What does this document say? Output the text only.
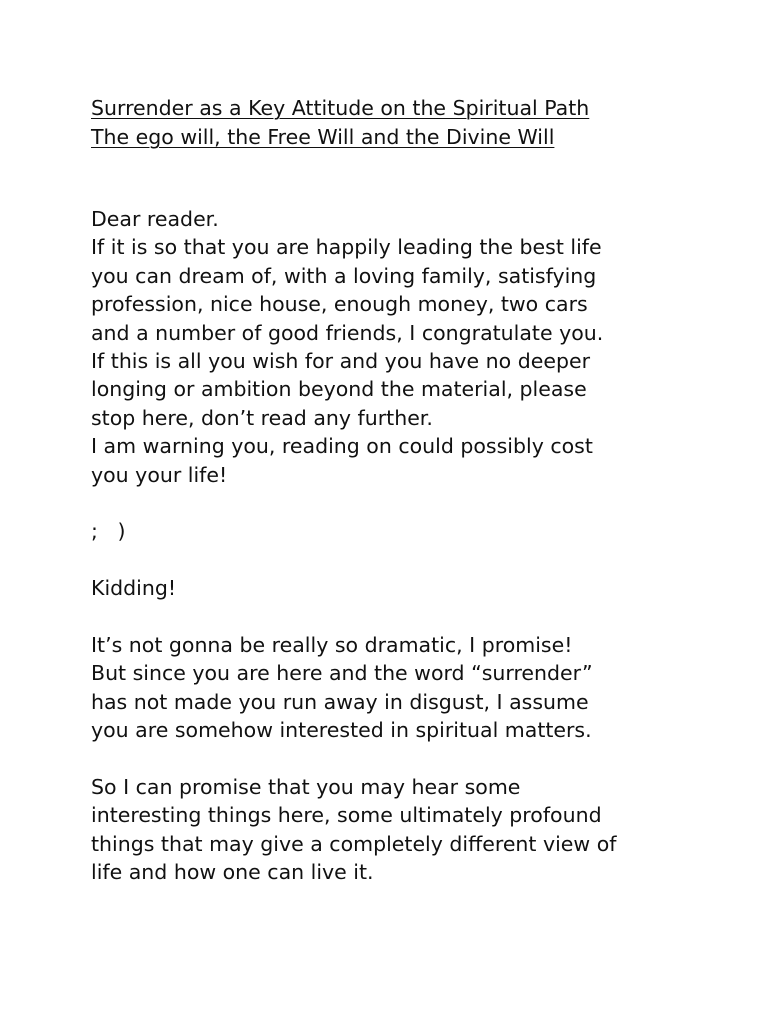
Surrender as a Key Attitude on the Spiritual Path
The ego will, the Free Will and the Divine Will
Dear reader.
If it is so that you are happily leading the best life
you can dream of, with a loving family, satisfying
profession, nice house, enough money, two cars
and a number of good friends, I congratulate you.
If this is all you wish for and you have no deeper
longing or ambition beyond the material, please
stop here, don’t read any further.
I am warning you, reading on could possibly cost
you your life!
;   )
Kidding!
It’s not gonna be really so dramatic, I promise!
But since you are here and the word “surrender”
has not made you run away in disgust, I assume
you are somehow interested in spiritual matters.
So I can promise that you may hear some
interesting things here, some ultimately profound
things that may give a completely different view of
life and how one can live it.
